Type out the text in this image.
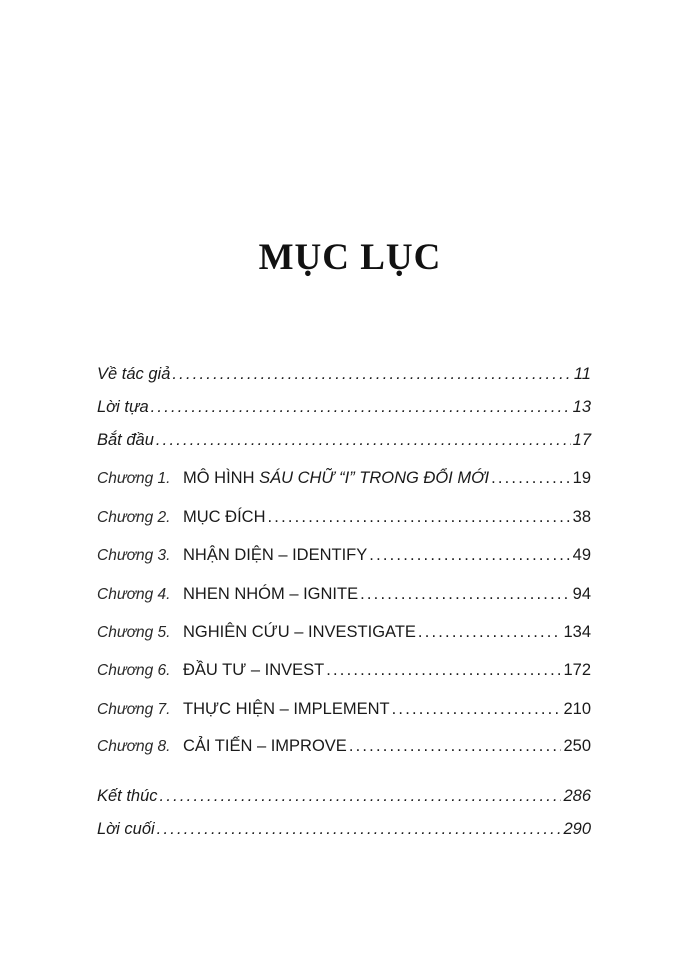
MỤC LỤC
Về tác giả .....	11
Lời tựa .....	13
Bắt đầu .....	17
Chương 1. MÔ HÌNH SÁU CHỮ “I” TRONG ĐỔI MỚI .....	19
Chương 2. MỤC ĐÍCH .....	38
Chương 3. NHẬN DIỆN – IDENTIFY .....	49
Chương 4. NHEN NHÓM – IGNITE .....	94
Chương 5. NGHIÊN CỨU – INVESTIGATE .....	134
Chương 6. ĐẦU TƯ – INVEST .....	172
Chương 7. THỰC HIỆN – IMPLEMENT .....	210
Chương 8. CẢI TIẾN – IMPROVE .....	250
Kết thúc .....	286
Lời cuối .....	290
